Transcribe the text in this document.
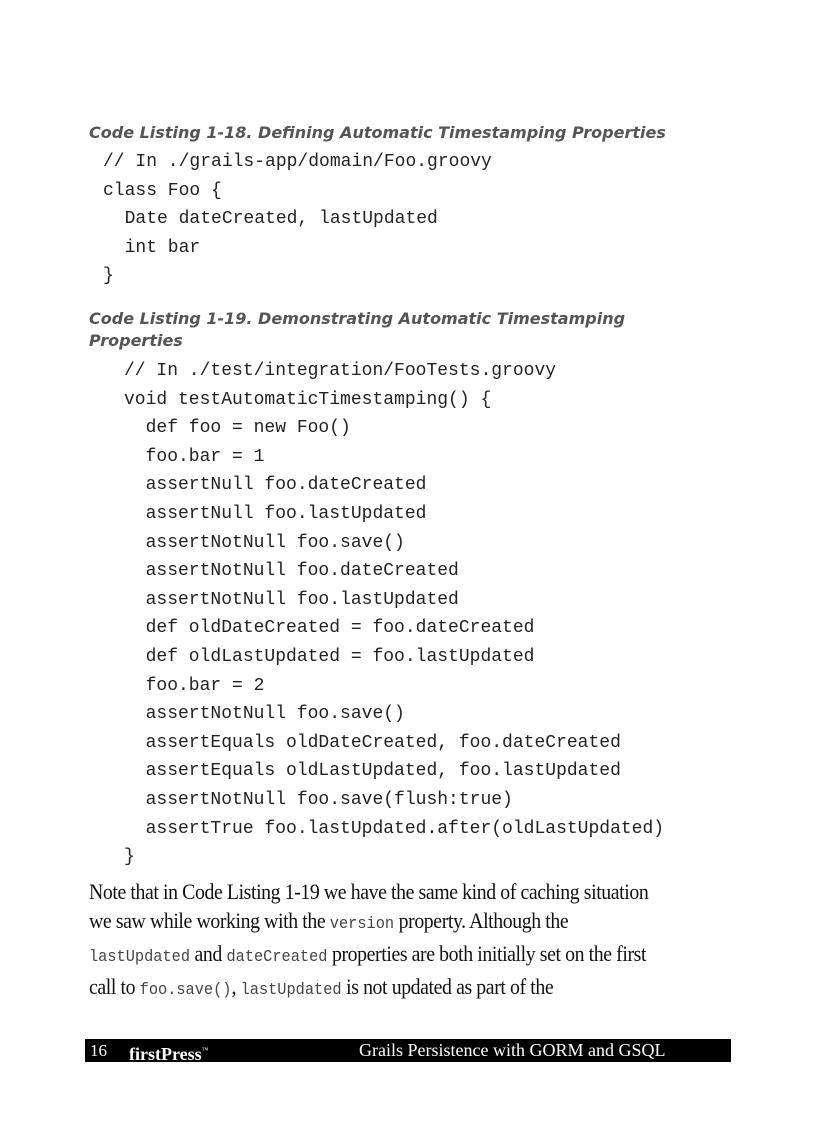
Code Listing 1-18. Defining Automatic Timestamping Properties

// In ./grails-app/domain/Foo.groovy
class Foo {
Date dateCreated, lastUpdated
int bar
}

Code Listing 1-19. Demonstrating Automatic Timestamping
Properties

// In ./test/integration/FooTests.groovy
void testAutomaticTimestamping() {
def foo = new Foo()
foo.bar = 1
assertNull foo.dateCreated
assertNull foo.lastUpdated
assertNotNull foo.save()
assertNotNull foo.dateCreated
assertNotNull foo.lastUpdated
def oldDateCreated = foo.dateCreated
def oldLastUpdated = foo.lastUpdated
foo.bar = 2
assertNotNull foo.save()
assertEquals oldDateCreated, foo.dateCreated
assertEquals oldLastUpdated, foo.lastUpdated
assertNotNull foo.save(flush:true)
assertTrue foo.lastUpdated.after(oldLastUpdated)
}
Note that in Code Listing 1-19 we have the same kind of caching situation
we saw while working with the version property. Although the
lastUpdated and dateCreated properties are both initially set on the first
call to foo.save(), lastUpdated is not updated as part of the
16 firstPress™	Grails Persistence with GORM and GSQL
